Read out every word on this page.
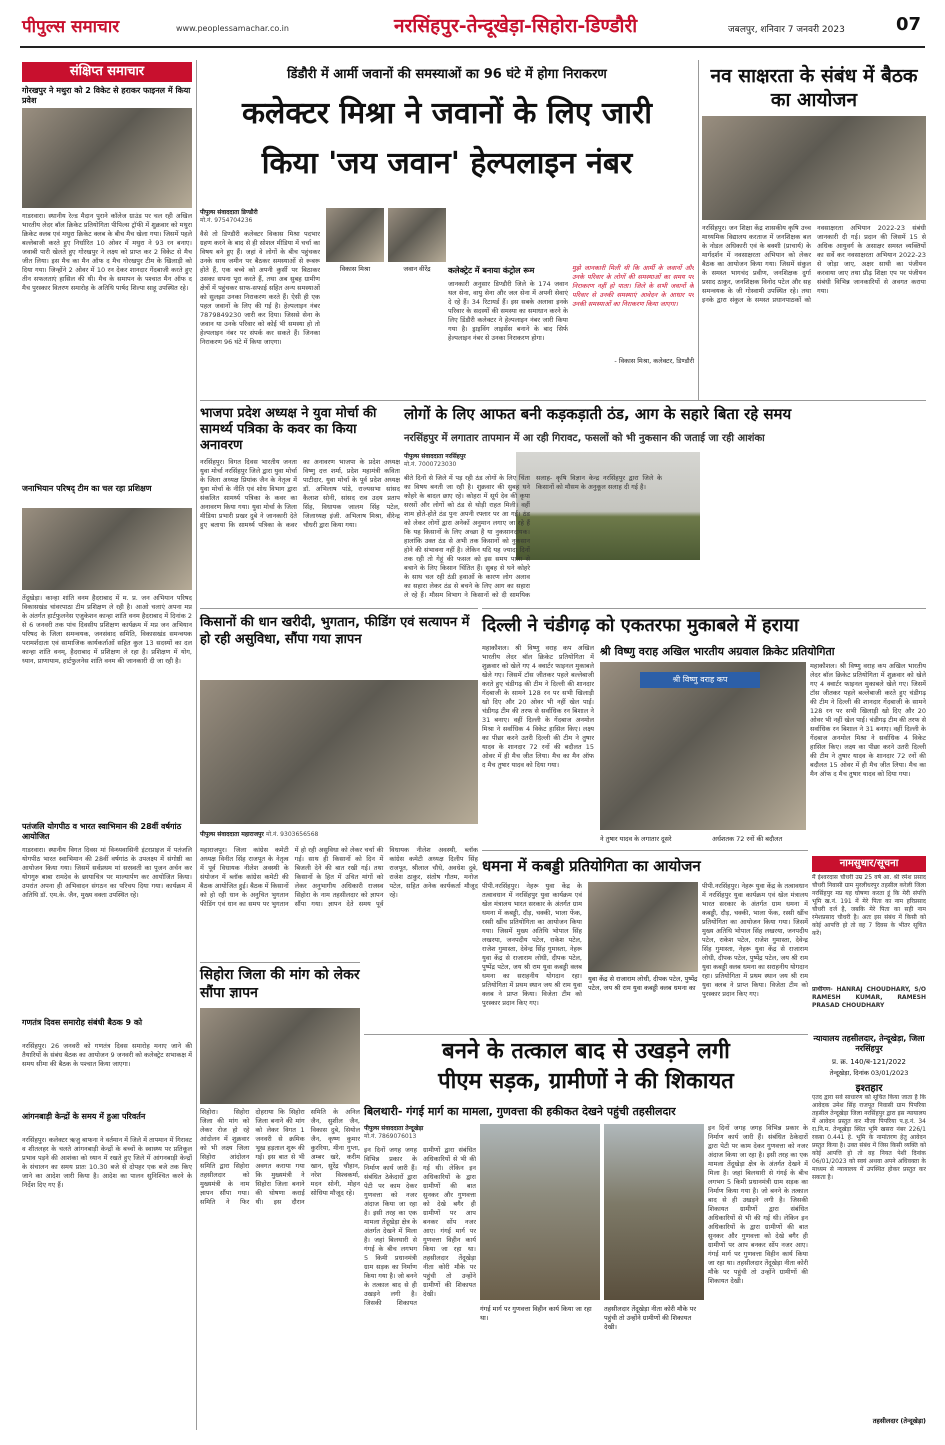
पीपुल्स समाचार	www.peoplessamachar.co.in	नरसिंहपुर-तेन्दूखेड़ा-सिहोरा-डिण्डौरी	जबलपुर, शनिवार 7 जनवरी 2023	07
संक्षिप्त समाचार
गोरखपुर ने मथुरा को 2 विकेट से हराकर फाइनल में किया प्रवेश
गाडरवारा। स्थानीय रेल्ड मैदान पुराने कॉलेज ग्राउंड पर चल रही अखिल भारतीय लेदर बॉल क्रिकेट प्रतियोगिता पीपिल्स ट्रॉफी में शुक्रवार को मथुरा क्रिकेट क्लब एवं मथुरा क्रिकेट क्लब के बीच मैच खेला गया। जिसमें पहले बल्लेबाजी करते हुए निर्धारित 10 ओवर में मथुरा ने 93 रन बनाए। जवाबी पारी खेलते हुए गोरखपुर ने लक्ष्य को प्राप्त कर 2 विकेट से मैच जीत लिया। इस मैच का मैन ऑफ द मैच गोरखपुर टीम के खिलाड़ी को दिया गया। जिन्होंने 2 ओवर में 10 रन देकर शानदार गेंदबाजी करते हुए तीन सफलताएं हासिल की थी। मैच के समापन के पश्चात मैन ऑफ द मैच पुरस्कार वितरण समारोह के अतिथि पार्षद शिल्पा साहू उपस्थित रहे।
जनाभियान परिषद् टीम का चल रहा प्रशिक्षण
तेंदूखेड़ा। कान्हा शांति वनम हैदराबाद में म. प्र. जन अभियान परिषद विकासखंड चांवरपाठा टीम प्रशिक्षण ले रही है। आओ चलाएं अपना मप्र के अंतर्गत हार्टफुलनेस एजुकेशन कान्हा शांति वनम हैदराबाद में दिनांक 2 से 6 जनवरी तक पांच दिवसीय प्रशिक्षण कार्यक्रम में मप्र जन अभियान परिषद के जिला समन्वयक, जनसंवाद समिति, विकासखंड समन्वयक परामर्शदाता एवं सामाजिक कार्यकर्ताओं सहित कुल 13 सदस्यों का दल कान्हा शांति वनम्, हैदराबाद में प्रशिक्षण ले रहा है। प्रशिक्षण में योग, ध्यान, प्राणायाम, हार्टफुलनेस शांति वनम की जानकारी दी जा रही है।
पतंजलि योगपीठ व भारत स्वाभिमान की 28वीं वर्षगांठ आयोजित
गाडरवारा। स्थानीय विगत दिवस मां विन्ध्यवासिनी इंटरप्राइज में पतंजलि योगपीठ भारत स्वाभिमान की 28वीं वर्षगांठ के उपलक्ष्य में संगोष्ठी का आयोजन किया गया। जिसमें सर्वप्रथम मां सरस्वती का पूजन अर्चन कर योगगुरु बाबा रामदेव के छायाचित्र पर माल्यार्पण कर आयोजित किया। उपरांत अपना ही अभिवादन संगठन का परिचय दिया गया। कार्यक्रम में अतिथि डॉ. एम.के. जैन, मुख्य वक्ता उपस्थित रहे।
गणतंत्र दिवस समारोह संबंधी बैठक 9 को
नरसिंहपुर। 26 जनवरी को गणतंत्र दिवस समारोह मनाए जाने की तैयारियों के संबंध बैठक का आयोजन 9 जनवरी को कलेक्ट्रेट सभाकक्ष में समय सीमा की बैठक के पश्चात किया जाएगा।
आंगनबाड़ी केन्द्रों के समय में हुआ परिवर्तन
नरसिंहपुर। कलेक्टर ऋजु बाफना ने वर्तमान में जिले में तापमान में गिरावट व शीतलहर के चलते आंगनबाड़ी केन्द्रों के बच्चों के स्वास्थ्य पर प्रतिकूल प्रभाव पड़ने की आशंका को ध्यान में रखते हुए जिले में आंगनबाड़ी केन्द्रों के संचालन का समय प्रातः 10.30 बजे से दोपहर एक बजे तक किए जाने का आदेश जारी किया है। आदेश का पालन सुनिश्चित करने के निर्देश दिए गए हैं।
डिंडौरी में आर्मी जवानों की समस्याओं का 96 घंटे में होगा निराकरण
कलेक्टर मिश्रा ने जवानों के लिए जारी
किया 'जय जवान' हेल्पलाइन नंबर
पीपुल्स संवाददाता डिण्डौरी
मो.नं. 9754704236
वैसे तो डिण्डौरी कलेक्टर विकास मिश्रा पदभार ग्रहण करने के बाद से ही सोशल मीडिया में चर्चा का विषय बने हुए हैं। जहां वे लोगों के बीच पहुंचकर उनके साथ जमीन पर बैठकर समस्याओं से रूबरू होते हैं, एक बच्चे को अपनी कुर्सी पर बिठाकर उसका सपना पूरा करते हैं, तथा अब सुबह ग्रामीण क्षेत्रों में पहुंचकर साफ-सफाई सहित अन्य समस्याओं को सुलझा उनका निराकरण करते हैं। ऐसी ही एक पहल जवानों के लिए की गई है। हेल्पलाइन नंबर 7879849230 जारी कर दिया। जिससे सेना के जवान या उनके परिवार को कोई भी समस्या हो तो हेल्पलाइन नंबर पर संपर्क कर सकते हैं। जिनका निराकरण 96 घंटे में किया जाएगा।
विकास मिश्रा	जवान वीरेंद्र	कलेक्ट्रेट में बनाया कंट्रोल रूम
जानकारी अनुसार डिण्डौरी जिले के 174 जवान थल सेना, वायु सेना और जल सेना में अपनी सेवाएं दे रहे हैं। 34 रिटायर्ड हैं। इस सबके अलावा इनके परिवार के सदस्यों की समस्या का समाधान करने के लिए डिंडौरी कलेक्टर ने हेल्पलाइन नंबर जारी किया गया है। ड्राइविंग लाइसेंस बनाने के बाद सिर्फ हेल्पलाइन नंबर से उनका निराकरण होगा।
मुझे जानकारी मिली थी कि आर्मी के जवानों और उनके परिवार के लोगों की समस्याओं का समय पर निराकरण नहीं हो पाता। जिले के सभी जवानों के परिवार से उनकी समस्याएं आवेदन के आधार पर उनकी समस्याओं का निराकरण किया जाएगा।
- विकास मिश्रा, कलेक्टर, डिण्डौरी
नव साक्षरता के संबंध में बैठक का आयोजन
नरसिंहपुर। जन शिक्षा केंद्र शासकीय कृषि उच्च माध्यमिक विद्यालय करताज में जनशिक्षक बल के नोडल अधिकारी एवं के बक्शी (प्राचार्य) के मार्गदर्शन में नवसाक्षरता अभियान को लेकर बैठक का आयोजन किया गया। जिसमें संकुल के समस्त भागचंद प्रवीण, जनशिक्षक दुर्गा प्रसाद ठाकुर, जनशिक्षक विनोद पटेल और सह समन्वयक के जी गोस्वामी उपस्थित रहे। तथा इनके द्वारा संकुल के समस्त प्रधानपाठकों को नवसाक्षरता अभियान 2022-23 संबंधी जानकारी दी गई। प्रदान की जिसमें 15 से अधिक आयुवर्ग के असाक्षर समस्त व्यक्तियों का सर्वे कर नवसाक्षरता अभियान 2022-23 से जोड़ा जाए, अक्षर साथी का पंजीयन करवाया जाए तथा प्रौढ़ शिक्षा एप पर पंजीयन संबंधी विभिन्न जानकारियों से अवगत कराया गया।
भाजपा प्रदेश अध्यक्ष ने युवा मोर्चा की सामर्थ्य पत्रिका के कवर का किया अनावरण
नरसिंहपुर। विगत दिवस भारतीय जनता युवा मोर्चा नरसिंहपुर जिले द्वारा युवा मोर्चा के जिला अध्यक्ष प्रियांक जैन के नेतृत्व में युवा मोर्चा के नीति एवं शोध विभाग द्वारा संकलित सामर्थ्य पत्रिका के कवर का अनावरण किया गया। युवा मोर्चा के जिला मीडिया प्रभारी प्रखर दुबे ने जानकारी देते हुए बताया कि सामर्थ्य पत्रिका के कवर का अनावरण भाजपा के प्रदेश अध्यक्ष विष्णु दत्त शर्मा, प्रदेश महामंत्री कविता पाटीदार, युवा मोर्चा के पूर्व प्रदेश अध्यक्ष डॉ. अभिलाष पांडे, राज्यसभा सांसद कैलाश सोनी, सांसद राव उदय प्रताप सिंह, विधायक जालम सिंह पटेल, जिलाध्यक्ष इंजी. अभिलाष मिश्रा, वीरेन्द्र चौधरी द्वारा किया गया।
लोगों के लिए आफत बनी कड़कड़ाती ठंड, आग के सहारे बिता रहे समय
नरसिंहपुर में लगातार तापमान में आ रही गिरावट, फसलों को भी नुकसान की जताई जा रही आशंका
पीपुल्स संवाददाता नरसिंहपुर
मो.नं. 7000723030
बीते दिनों से जिले में पड़ रही ठंड लोगों के लिए चिंता का विषय बनती जा रही है। शुक्रवार की सुबह घने कोहरे के बादल छाए रहे। कोहरा में सूर्य देव की कृपा सरसों और लोगों को ठंड से थोड़ी राहत मिली। वहीं शाम होते-होते ठंड पुनः अपनी रफ्तार पर आ गई। ठंड को लेकर लोगों द्वारा अनेकों अनुमान लगाए जा रहे हैं कि यह किसानों के लिए अच्छा है या नुकसानदायक। हालांकि उक्त ठंड से अभी तक किसानों को नुकसान होने की संभावना नहीं है। लेकिन यदि यह ज्यादा दिनों तक रही तो गेहूं की फसल को इस समय पाला से बचाने के लिए किसान चिंतित हैं। सुबह से घने कोहरे के साथ चल रही ठंडी हवाओं के कारण लोग अलाव का सहारा लेकर ठंड से बचने के लिए आग का सहारा ले रहे हैं। मौसम विभाग ने किसानों को दी सामयिक सलाह- कृषि विज्ञान केन्द्र नरसिंहपुर द्वारा जिले के किसानों को मौसम के अनुकूल सलाह दी गई है।
किसानों की धान खरीदी, भुगतान, फीडिंग एवं सत्यापन में हो रही असुविधा, सौंपा गया ज्ञापन
पीपुल्स संवाददाता महाराजपुर मो.नं. 9303656568
महाराजपुर। जिला कांग्रेस कमेटी अध्यक्ष विनीत सिंह राजपूत के नेतृत्व में पूर्व विधायक नीलेश अवस्थी के संयोजन में ब्लॉक कांग्रेस कमेटी की बैठक आयोजित हुई। बैठक में किसानों को हो रही धान के अनुचित भुगतान फीडिंग एवं धान का समय पर भुगतान में हो रही असुविधा को लेकर चर्चा की गई। साथ ही किसानों को दिन में बिजली देने की बात रखी गई। तथा किसानों के हित में उचित मांगों को लेकर अनुभागीय अधिकारी राजस्व सिहोरा के नाम तहसीलदार को ज्ञापन सौंपा गया। ज्ञापन देते समय पूर्व विधायक नीलेश अवस्थी, ब्लॉक कांग्रेस कमेटी अध्यक्ष दिलीप सिंह राजपूत, श्रीलाल चौधे, अवधेश दुबे, राजेश ठाकुर, संतोष गौतम, मनोज पटेल, सहित अनेक कार्यकर्ता मौजूद रहे।
दिल्ली ने चंडीगढ़ को एकतरफा मुकाबले में हराया
श्री विष्णु वराह अखिल भारतीय अग्रवाल क्रिकेट प्रतियोगिता
महाकौशल। श्री विष्णु वराह कप अखिल भारतीय लेदर बॉल क्रिकेट प्रतियोगिता में शुक्रवार को खेले गए 4 क्वार्टर फाइनल मुकाबले खेले गए। जिसमें टॉस जीतकर पहले बल्लेबाजी करते हुए चंडीगढ़ की टीम ने दिल्ली की शानदार गेंदबाजी के सामने 128 रन पर सभी खिलाड़ी खो दिए और 20 ओवर भी नहीं खेल पाई। चंडीगढ़ टीम की तरफ से सर्वाधिक रन बिशाल ने 31 बनाए। वहीं दिल्ली के गेंदबाज अनमोल मिश्रा ने सर्वाधिक 4 विकेट हासिल किए। लक्ष्य का पीछा करने उतरी दिल्ली की टीम ने तुषार यादव के शानदार 72 रनों की बदौलत 15 ओवर में ही मैच जीत लिया। मैच का मैन ऑफ द मैच तुषार यादव को दिया गया।
श्री विष्णु वराह कप
ने तुषार यादव के लगातार दूसरे	अर्धशतक 72 रनों की बदौलत
महाकौशल। श्री विष्णु वराह कप अखिल भारतीय लेदर बॉल क्रिकेट प्रतियोगिता में शुक्रवार को खेले गए 4 क्वार्टर फाइनल मुकाबले खेले गए। जिसमें टॉस जीतकर पहले बल्लेबाजी करते हुए चंडीगढ़ की टीम ने दिल्ली की शानदार गेंदबाजी के सामने 128 रन पर सभी खिलाड़ी खो दिए और 20 ओवर भी नहीं खेल पाई। चंडीगढ़ टीम की तरफ से सर्वाधिक रन बिशाल ने 31 बनाए। वहीं दिल्ली के गेंदबाज अनमोल मिश्रा ने सर्वाधिक 4 विकेट हासिल किए। लक्ष्य का पीछा करने उतरी दिल्ली की टीम ने तुषार यादव के शानदार 72 रनों की बदौलत 15 ओवर में ही मैच जीत लिया। मैच का मैन ऑफ द मैच तुषार यादव को दिया गया।
धमना में कबड्डी प्रतियोगिता का आयोजन
पीपी.नरसिंहपुर। नेहरू युवा केंद्र के तत्वावधान में नरसिंहपुर युवा कार्यक्रम एवं खेल मंत्रालय भारत सरकार के अंतर्गत ग्राम धमना में कबड्डी, दौड़, चक्की, भाला फेंक, रस्सी खींच प्रतियोगिता का आयोजन किया गया। जिसमें मुख्य अतिथि भोपाल सिंह लखरया, जनपदीय पटेल, राकेश पटेल, राजेश गुमास्ता, देवेन्द्र सिंह गुमास्ता, नेहरू युवा केंद्र से राजाराम लोधी, दीपक पटेल, पुष्पेंद्र पटेल, जय श्री राम युवा कबड्डी क्लब धमना का सराहनीय योगदान रहा। प्रतियोगिता में प्रथम स्थान जय श्री राम युवा क्लब ने प्राप्त किया। विजेता टीम को पुरस्कार प्रदान किए गए।
युवा केंद्र से राजाराम लोधी, दीपक पटेल, पुष्पेंद्र पटेल, जय श्री राम युवा कबड्डी क्लब धमना का
पीपी.नरसिंहपुर। नेहरू युवा केंद्र के तत्वावधान में नरसिंहपुर युवा कार्यक्रम एवं खेल मंत्रालय भारत सरकार के अंतर्गत ग्राम धमना में कबड्डी, दौड़, चक्की, भाला फेंक, रस्सी खींच प्रतियोगिता का आयोजन किया गया। जिसमें मुख्य अतिथि भोपाल सिंह लखरया, जनपदीय पटेल, राकेश पटेल, राजेश गुमास्ता, देवेन्द्र सिंह गुमास्ता, नेहरू युवा केंद्र से राजाराम लोधी, दीपक पटेल, पुष्पेंद्र पटेल, जय श्री राम युवा कबड्डी क्लब धमना का सराहनीय योगदान रहा। प्रतियोगिता में प्रथम स्थान जय श्री राम युवा क्लब ने प्राप्त किया। विजेता टीम को पुरस्कार प्रदान किए गए।
नामसुधार/सूचना
मैं ईश्वरदास चौधरी उम्र 25 वर्ष आ. श्री रमेश प्रसाद चौधरी निवासी ग्राम मुरलीधरपुर तहसील करेली जिला नरसिंहपुर मप्र यह घोषणा करता हूं कि मेरी संपत्ति भूमि ख.नं. 191 में मेरे पिता का नाम हरिप्रसाद चौधरी दर्ज है, जबकि मेरे पिता का सही नाम रमेशप्रसाद चौधरी है। अतः इस संबंध में किसी को कोई आपत्ति हो तो वह 7 दिवस के भीतर सूचित करें।
प्रार्थीगण- HANRAJ CHOUDHARY, S/O RAMESH KUMAR, RAMESH PRASAD CHOUDHARY
न्यायालय तहसीलदार, तेन्दूखेड़ा, जिला नरसिंहपुर
प्र. क्र. 140/ब-121/2022
तेन्दूखेड़ा, दिनांक 03/01/2023
इश्तहार
एतद द्वारा सर्व साधारण को सूचित किया जाता है कि आवेदक उमेश सिंह राजपूत निवासी ग्राम पिपरिया तहसील तेन्दूखेड़ा जिला नरसिंहपुर द्वारा इस न्यायालय में आवेदन प्रस्तुत कर मौजा पिपरिया प.ह.नं. 34 रा.नि.म. तेन्दूखेड़ा स्थित भूमि खसरा नंबर 226/1 रकबा 0.441 हे. भूमि के नामांतरण हेतु आवेदन प्रस्तुत किया है। उक्त संबंध में जिस किसी व्यक्ति को कोई आपत्ति हो तो वह नियत पेशी दिनांक 06/01/2023 को स्वयं अथवा अपने अधिवक्ता के माध्यम से न्यायालय में उपस्थित होकर प्रस्तुत कर सकता है।
तहसीलदार (तेन्दूखेड़ा)
सिहोरा जिला की मांग को लेकर सौंपा ज्ञापन
सिहोरा। सिहोरा जिला की मांग को लेकर रोज हो रहे आंदोलन में शुक्रवार को भी लक्ष्य जिला सिहोरा आंदोलन समिति द्वारा सिहोरा तहसीलदार को मुख्यमंत्री के नाम ज्ञापन सौंपा गया। समिति ने फिर दोहराया कि सिहोरा जिला बनाने की मांग को लेकर विगत 1 जनवरी से क्रमिक भूख हड़ताल शुरू की गई। इस बात से भी अवगत कराया गया कि मुख्यमंत्री ने सिहोरा जिला बनाने की घोषणा कराई थी। इस दौरान समिति के अनिल जैन, सुशील जैन, विकास दुबे, सियोल जैन, कृष्ण कुमार कुररिया, मीना गुप्ता, अम्बर खरे, करीम खान, सुरेंद्र चौहान, नरेश विश्वकर्मा, मदन सोनी, मोहन सोधिया मौजूद रहे।
बनने के तत्काल बाद से उखड़ने लगी
पीएम सड़क, ग्रामीणों ने की शिकायत
बिलथारी- गंगई मार्ग का मामला, गुणवत्ता की हकीकत देखने पहुंची तहसीलदार
पीपुल्स संवाददाता तेन्दूखेड़ा
मो.नं. 7869076013
इन दिनों जगह जगह विभिन्न प्रकार के निर्माण कार्य जारी हैं। संबंधित ठेकेदारों द्वारा पेटी पर काम देकर गुणवत्ता को नजर अंदाज किया जा रहा है। इसी तरह का एक मामला तेंदूखेड़ा क्षेत्र के अंतर्गत देखने में मिला है। जहां बिलथारी से गंगई के बीच लगभग 5 किमी प्रधानमंत्री ग्राम सड़क का निर्माण किया गया है। जो बनने के तत्काल बाद से ही उखड़ने लगी है। जिसकी शिकायत ग्रामीणों द्वारा संबंधित अधिकारियों से भी की गई थी। लेकिन इन अधिकारियों के द्वारा ग्रामीणों की बात सुनकर और गुणवत्ता को देखे बगैर ही ग्रामीणों पर आप बनकर सोंप नजर आए। गंगई मार्ग पर गुणवत्ता विहीन कार्य किया जा रहा था। तहसीलदार तेंदूखेड़ा नीता कोरी मौके पर पहुंची तो उन्होंने ग्रामीणों की शिकायत देखी।
गंगई मार्ग पर गुणवत्ता विहीन कार्य किया जा रहा था।
तहसीलदार तेंदूखेड़ा नीता कोरी मौके पर पहुंची तो उन्होंने ग्रामीणों की शिकायत देखी।
इन दिनों जगह जगह विभिन्न प्रकार के निर्माण कार्य जारी हैं। संबंधित ठेकेदारों द्वारा पेटी पर काम देकर गुणवत्ता को नजर अंदाज किया जा रहा है। इसी तरह का एक मामला तेंदूखेड़ा क्षेत्र के अंतर्गत देखने में मिला है। जहां बिलथारी से गंगई के बीच लगभग 5 किमी प्रधानमंत्री ग्राम सड़क का निर्माण किया गया है। जो बनने के तत्काल बाद से ही उखड़ने लगी है। जिसकी शिकायत ग्रामीणों द्वारा संबंधित अधिकारियों से भी की गई थी। लेकिन इन अधिकारियों के द्वारा ग्रामीणों की बात सुनकर और गुणवत्ता को देखे बगैर ही ग्रामीणों पर आप बनकर सोंप नजर आए। गंगई मार्ग पर गुणवत्ता विहीन कार्य किया जा रहा था। तहसीलदार तेंदूखेड़ा नीता कोरी मौके पर पहुंची तो उन्होंने ग्रामीणों की शिकायत देखी।
